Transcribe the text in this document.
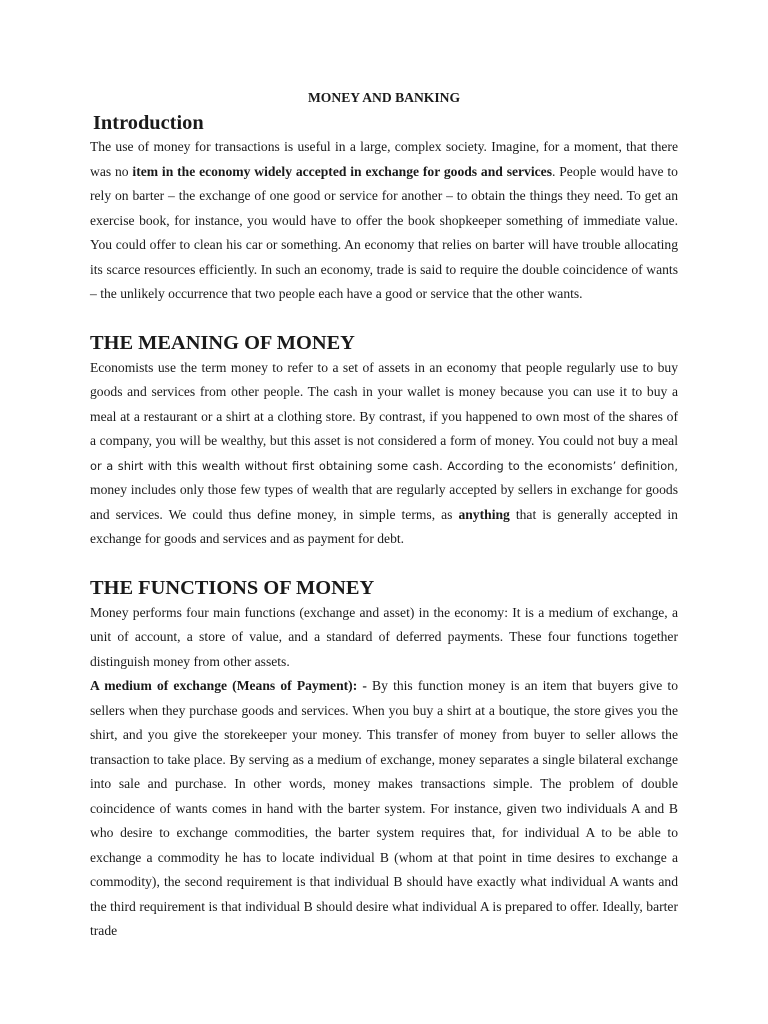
MONEY AND BANKING
Introduction

The use of money for transactions is useful in a large, complex society. Imagine, for a moment, that there was no item in the economy widely accepted in exchange for goods and services. People would have to rely on barter – the exchange of one good or service for another – to obtain the things they need. To get an exercise book, for instance, you would have to offer the book shopkeeper something of immediate value. You could offer to clean his car or something. An economy that relies on barter will have trouble allocating its scarce resources efficiently. In such an economy, trade is said to require the double coincidence of wants – the unlikely occurrence that two people each have a good or service that the other wants.

THE MEANING OF MONEY

Economists use the term money to refer to a set of assets in an economy that people regularly use to buy goods and services from other people. The cash in your wallet is money because you can use it to buy a meal at a restaurant or a shirt at a clothing store. By contrast, if you happened to own most of the shares of a company, you will be wealthy, but this asset is not considered a form of money. You could not buy a meal or a shirt with this wealth without first obtaining some cash. According to the economists’ definition, money includes only those few types of wealth that are regularly accepted by sellers in exchange for goods and services. We could thus define money, in simple terms, as anything that is generally accepted in exchange for goods and services and as payment for debt.

THE FUNCTIONS OF MONEY

Money performs four main functions (exchange and asset) in the economy: It is a medium of exchange, a unit of account, a store of value, and a standard of deferred payments. These four functions together distinguish money from other assets.

A medium of exchange (Means of Payment): - By this function money is an item that buyers give to sellers when they purchase goods and services. When you buy a shirt at a boutique, the store gives you the shirt, and you give the storekeeper your money. This transfer of money from buyer to seller allows the transaction to take place. By serving as a medium of exchange, money separates a single bilateral exchange into sale and purchase. In other words, money makes transactions simple. The problem of double coincidence of wants comes in hand with the barter system. For instance, given two individuals A and B who desire to exchange commodities, the barter system requires that, for individual A to be able to exchange a commodity he has to locate individual B (whom at that point in time desires to exchange a commodity), the second requirement is that individual B should have exactly what individual A wants and the third requirement is that individual B should desire what individual A is prepared to offer. Ideally, barter trade
